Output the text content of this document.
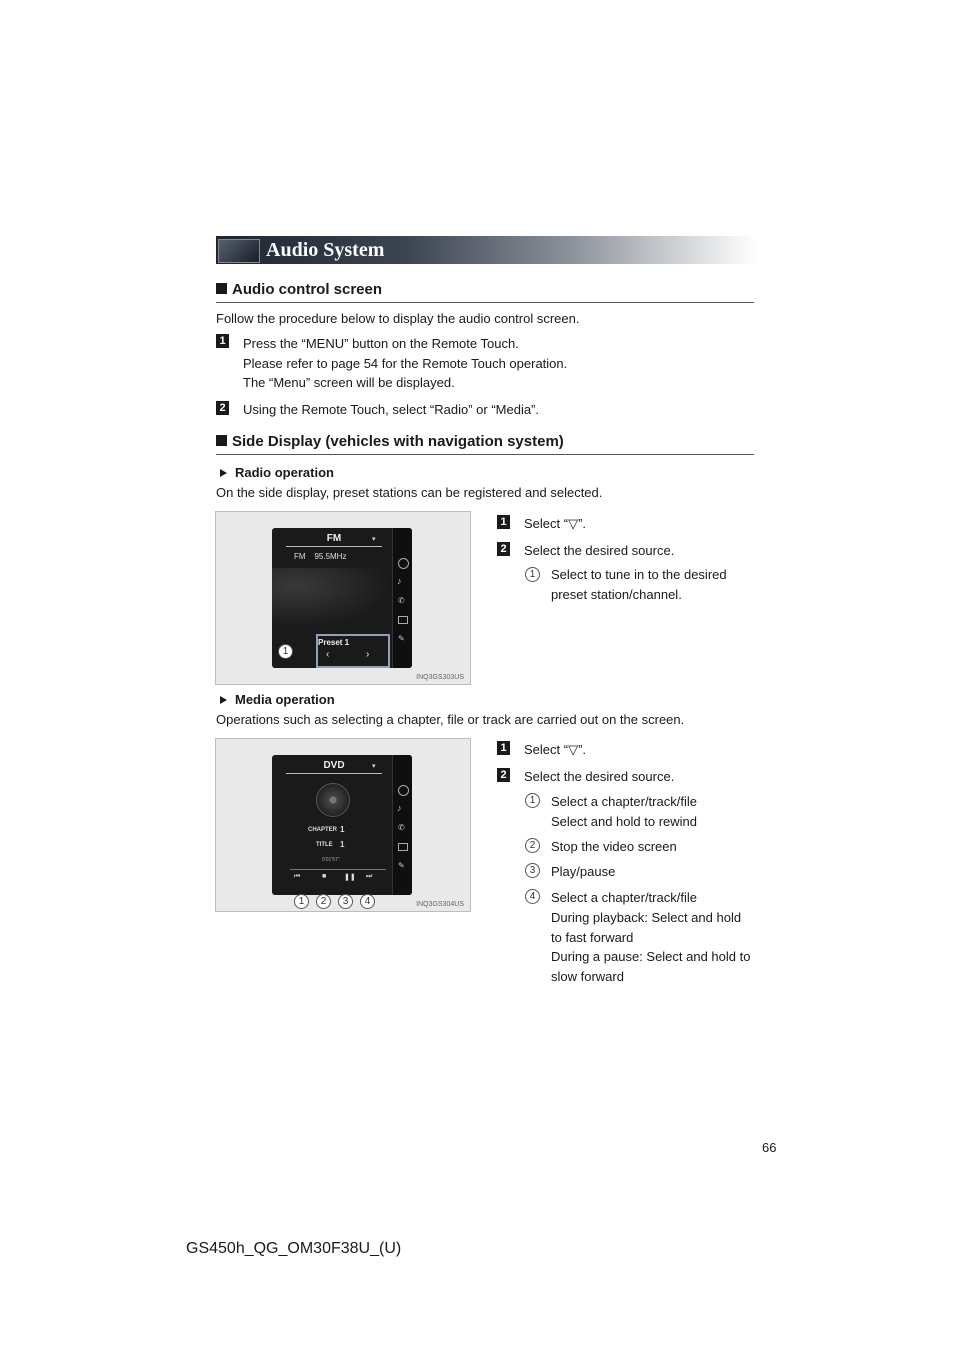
Audio System
Audio control screen
Follow the procedure below to display the audio control screen.
1 Press the “MENU” button on the Remote Touch.
Please refer to page 54 for the Remote Touch operation.
The “Menu” screen will be displayed.
2 Using the Remote Touch, select “Radio” or “Media”.
Side Display (vehicles with navigation system)
Radio operation
On the side display, preset stations can be registered and selected.
FM	▾
FM    95.5MHz
Preset 1
‹	›
♪
✆
✎
1
INQ3GS303US
1 Select “▽”.
2 Select the desired source.
1	Select to tune in to the desired
preset station/channel.
Media operation
Operations such as selecting a chapter, file or track are carried out on the screen.
DVD	▾
CHAPTER 1
TITLE 1
0'01'57"
⏮	■	❚❚ ⏭
♪
✆
✎
1	2	3	4	INQ3GS304US
1 Select “▽”.
2 Select the desired source.
1	Select a chapter/track/file
Select and hold to rewind
2	Stop the video screen
3	Play/pause
4	Select a chapter/track/file
During playback: Select and hold
to fast forward
During a pause: Select and hold to
slow forward
66
GS450h_QG_OM30F38U_(U)
